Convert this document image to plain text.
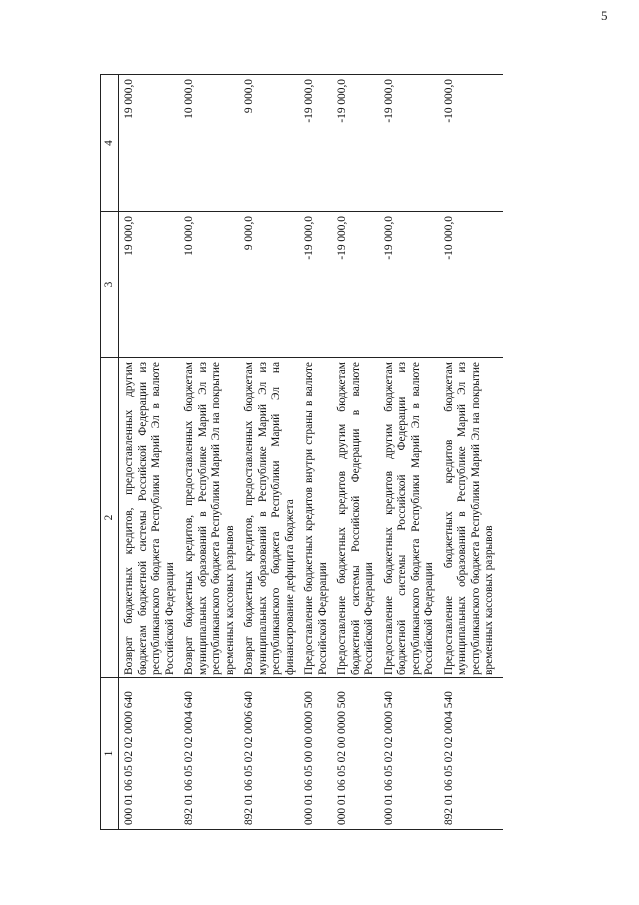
5
1	2	3	4
000 01 06 05 02 02 0000 640	Возврат бюджетных кредитов, предоставленных другим бюджетам бюджетной системы Российской Федерации из республиканского бюджета Республики Марий Эл в валюте Российской Федерации	19 000,0	19 000,0
892 01 06 05 02 02 0004 640	Возврат бюджетных кредитов, предоставленных бюджетам муниципальных образований в Республике Марий Эл из республиканского бюджета Республики Марий Эл на покрытие временных кассовых разрывов	10 000,0	10 000,0
892 01 06 05 02 02 0006 640	Возврат бюджетных кредитов, предоставленных бюджетам муниципальных образований в Республике Марий Эл из республиканского бюджета Республики Марий Эл на финансирование дефицита бюджета	9 000,0	9 000,0
000 01 06 05 00 00 0000 500	Предоставление бюджетных кредитов внутри страны в валюте Российской Федерации	-19 000,0	-19 000,0
000 01 06 05 02 00 0000 500	Предоставление бюджетных кредитов другим бюджетам бюджетной системы Российской Федерации в валюте Российской Федерации	-19 000,0	-19 000,0
000 01 06 05 02 02 0000 540	Предоставление бюджетных кредитов другим бюджетам бюджетной системы Российской Федерации из республиканского бюджета Республики Марий Эл в валюте Российской Федерации	-19 000,0	-19 000,0
892 01 06 05 02 02 0004 540	Предоставление бюджетных кредитов бюджетам муниципальных образований в Республике Марий Эл из республиканского бюджета Республики Марий Эл на покрытие временных кассовых разрывов	-10 000,0	-10 000,0
